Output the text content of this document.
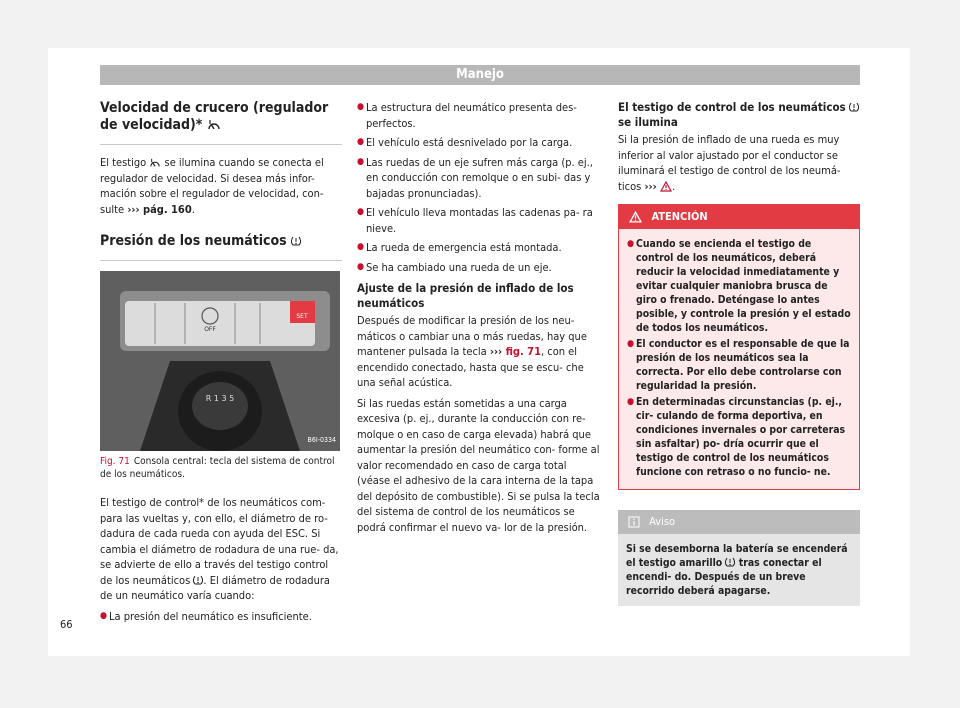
Manejo
Velocidad de crucero (regulador de velocidad)*

El testigo se ilumina cuando se conecta el regulador de velocidad. Si desea más infor- mación sobre el regulador de velocidad, con- sulte ››› pág. 160.

Presión de los neumáticos
SET
OFF
R 1 3 5
B6I-0334
Fig. 71 Consola central: tecla del sistema de control de los neumáticos.

El testigo de control* de los neumáticos com- para las vueltas y, con ello, el diámetro de ro- dadura de cada rueda con ayuda del ESC. Si cambia el diámetro de rodadura de una rue- da, se advierte de ello a través del testigo control de los neumáticos . El diámetro de rodadura de un neumático varía cuando:

● La presión del neumático es insuficiente.
● La estructura del neumático presenta des- perfectos.
● El vehículo está desnivelado por la carga.
● Las ruedas de un eje sufren más carga (p. ej., en conducción con remolque o en subi- das y bajadas pronunciadas).
● El vehículo lleva montadas las cadenas pa- ra nieve.
● La rueda de emergencia está montada.
● Se ha cambiado una rueda de un eje.
Ajuste de la presión de inflado de los neumáticos

Después de modificar la presión de los neu- máticos o cambiar una o más ruedas, hay que mantener pulsada la tecla ››› fig. 71, con el encendido conectado, hasta que se escu- che una señal acústica.

Si las ruedas están sometidas a una carga excesiva (p. ej., durante la conducción con re- molque o en caso de carga elevada) habrá que aumentar la presión del neumático con- forme al valor recomendado en caso de carga total (véase el adhesivo de la cara interna de la tapa del depósito de combustible). Si se pulsa la tecla del sistema de control de los neumáticos se podrá confirmar el nuevo va- lor de la presión.

El testigo de control de los neumáticos  se ilumina

Si la presión de inflado de una rueda es muy inferior al valor ajustado por el conductor se iluminará el testigo de control de los neumá- ticos ››› .

ATENCIÓN
● Cuando se encienda el testigo de control de los neumáticos, deberá reducir la velocidad inmediatamente y evitar cualquier maniobra brusca de giro o frenado. Deténgase lo antes posible, y controle la presión y el estado de todos los neumáticos.
● El conductor es el responsable de que la presión de los neumáticos sea la correcta. Por ello debe controlarse con regularidad la presión.
● En determinadas circunstancias (p. ej., cir- culando de forma deportiva, en condiciones invernales o por carreteras sin asfaltar) po- dría ocurrir que el testigo de control de los neumáticos funcione con retraso o no funcio- ne.
Aviso
Si se desemborna la batería se encenderá el testigo amarillo tras conectar el encendi- do. Después de un breve recorrido deberá apagarse.
66
